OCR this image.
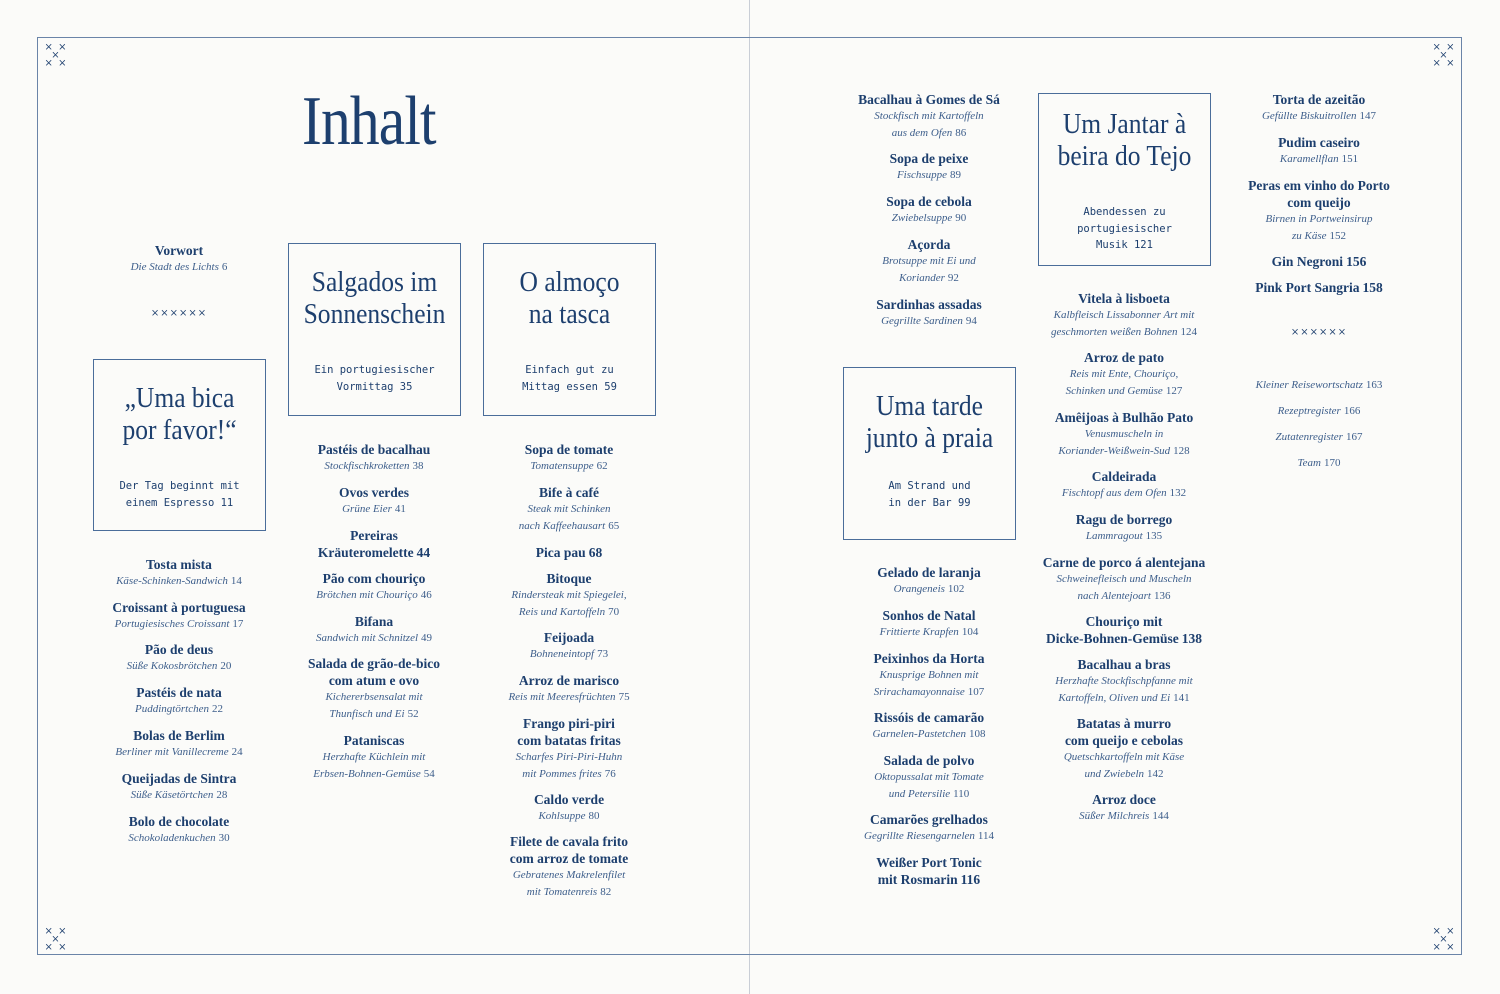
× ×
×
× ×
× ×
×
× ×
× ×
×
× ×
× ×
×
× ×
Inhalt
Vorwort
Die Stadt des Lichts 6
××××××
××××××
„Uma bica
por favor!“
Der Tag beginnt mit
einem Espresso 11
Salgados im
Sonnenschein
Ein portugiesischer
Vormittag 35
O almoço
na tasca
Einfach gut zu
Mittag essen 59
Uma tarde
junto à praia
Am Strand und
in der Bar 99
Um Jantar à
beira do Tejo
Abendessen zu
portugiesischer
Musik 121
Tosta mista
Käse-Schinken-Sandwich 14
Croissant à portuguesa
Portugiesisches Croissant 17
Pão de deus
Süße Kokosbrötchen 20
Pastéis de nata
Puddingtörtchen 22
Bolas de Berlim
Berliner mit Vanillecreme 24
Queijadas de Sintra
Süße Käsetörtchen 28
Bolo de chocolate
Schokoladenkuchen 30
Pastéis de bacalhau
Stockfischkroketten 38
Ovos verdes
Grüne Eier 41
Pereiras
Kräuteromelette 44
Pão com chouriço
Brötchen mit Chouriço 46
Bifana
Sandwich mit Schnitzel 49
Salada de grão-de-bico
com atum e ovo
Kichererbsensalat mit
Thunfisch und Ei 52
Pataniscas
Herzhafte Küchlein mit
Erbsen-Bohnen-Gemüse 54
Sopa de tomate
Tomatensuppe 62
Bife à café
Steak mit Schinken
nach Kaffeehausart 65
Pica pau 68
Bitoque
Rindersteak mit Spiegelei,
Reis und Kartoffeln 70
Feijoada
Bohneneintopf 73
Arroz de marisco
Reis mit Meeresfrüchten 75
Frango piri-piri
com batatas fritas
Scharfes Piri-Piri-Huhn
mit Pommes frites 76
Caldo verde
Kohlsuppe 80
Filete de cavala frito
com arroz de tomate
Gebratenes Makrelenfilet
mit Tomatenreis 82
Bacalhau à Gomes de Sá
Stockfisch mit Kartoffeln
aus dem Ofen 86
Sopa de peixe
Fischsuppe 89
Sopa de cebola
Zwiebelsuppe 90
Açorda
Brotsuppe mit Ei und
Koriander 92
Sardinhas assadas
Gegrillte Sardinen 94
Gelado de laranja
Orangeneis 102
Sonhos de Natal
Frittierte Krapfen 104
Peixinhos da Horta
Knusprige Bohnen mit
Srirachamayonnaise 107
Rissóis de camarão
Garnelen-Pastetchen 108
Salada de polvo
Oktopussalat mit Tomate
und Petersilie 110
Camarões grelhados
Gegrillte Riesengarnelen 114
Weißer Port Tonic
mit Rosmarin 116
Vitela à lisboeta
Kalbfleisch Lissabonner Art mit
geschmorten weißen Bohnen 124
Arroz de pato
Reis mit Ente, Chouriço,
Schinken und Gemüse 127
Amêijoas à Bulhão Pato
Venusmuscheln in
Koriander-Weißwein-Sud 128
Caldeirada
Fischtopf aus dem Ofen 132
Ragu de borrego
Lammragout 135
Carne de porco á alentejana
Schweinefleisch und Muscheln
nach Alentejoart 136
Chouriço mit
Dicke-Bohnen-Gemüse 138
Bacalhau a bras
Herzhafte Stockfischpfanne mit
Kartoffeln, Oliven und Ei 141
Batatas à murro
com queijo e cebolas
Quetschkartoffeln mit Käse
und Zwiebeln 142
Arroz doce
Süßer Milchreis 144
Torta de azeitão
Gefüllte Biskuitrollen 147
Pudim caseiro
Karamellflan 151
Peras em vinho do Porto
com queijo
Birnen in Portweinsirup
zu Käse 152
Gin Negroni 156
Pink Port Sangria 158
Kleiner Reisewortschatz 163
Rezeptregister 166
Zutatenregister 167
Team 170
